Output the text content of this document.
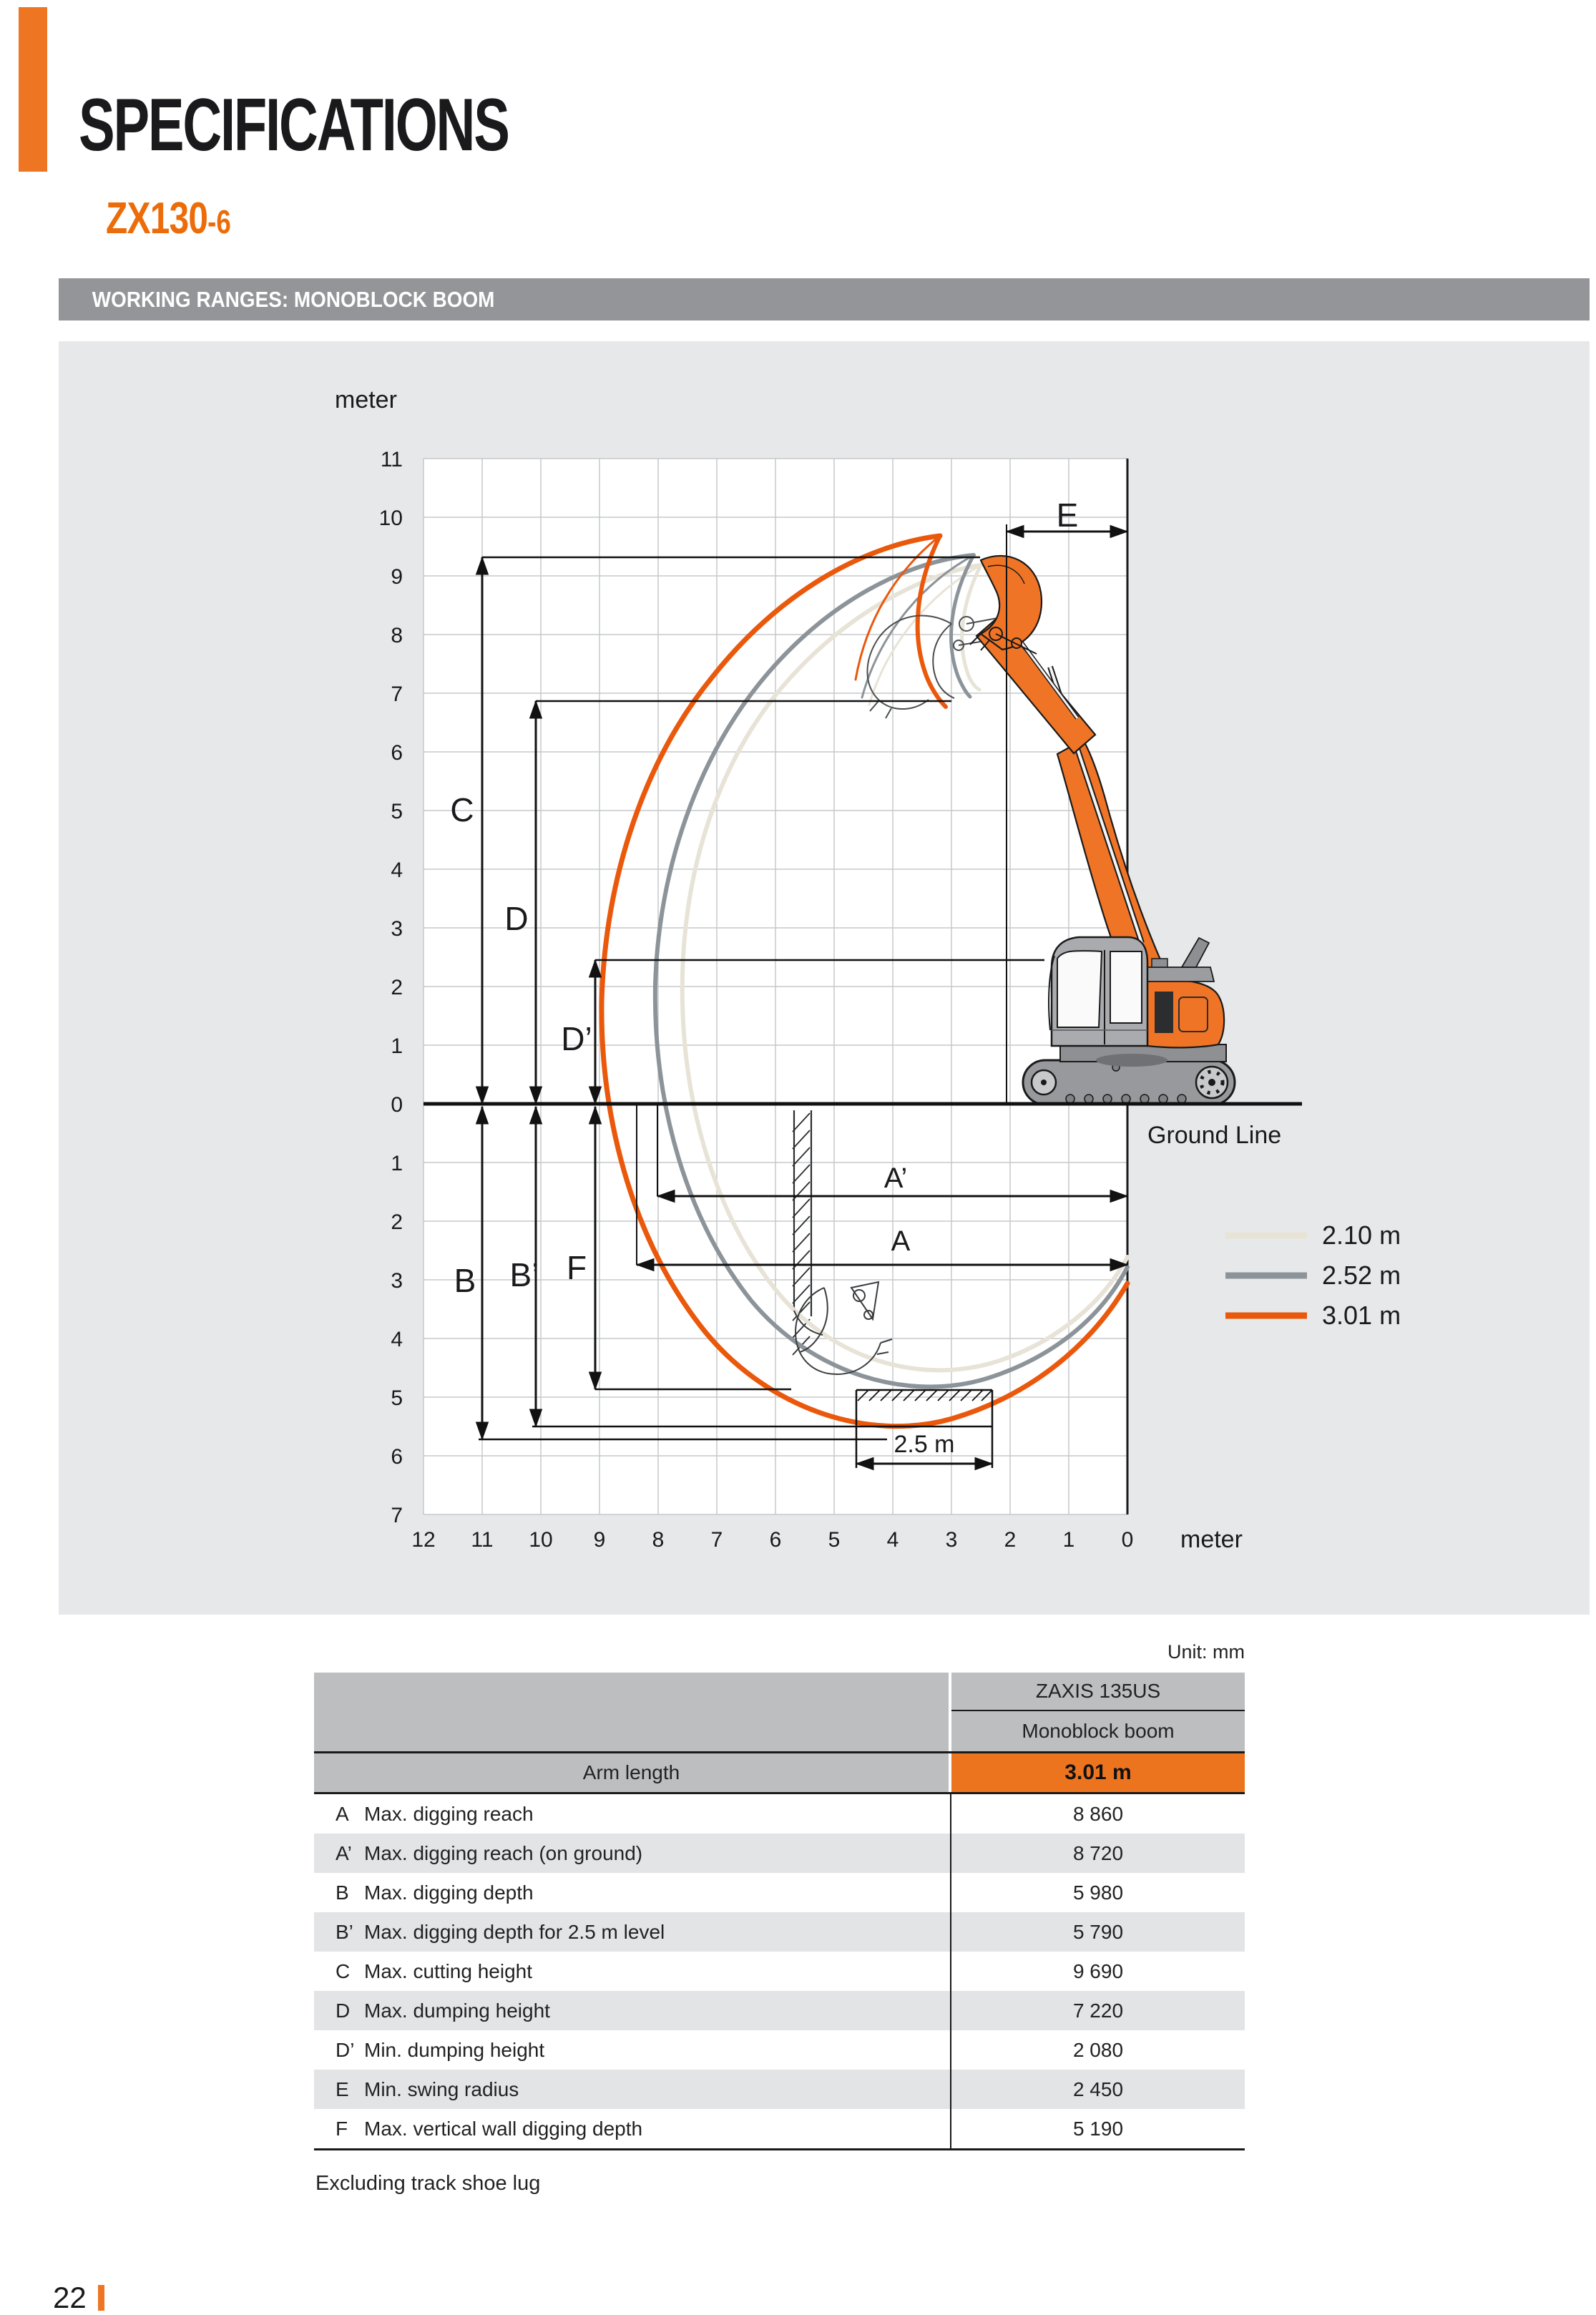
C
D
D’
B B’ F
A’
A
E
2.5 m
Ground Line
meter
meter
11
10
9
8
7
6
5
4
3
2
1
0
1
2
3
4
5
6
7
12 11 10 9 8 7 6 5 4 3 2 1 0
2.10 m
2.52 m
3.01 m
SPECIFICATIONS
ZX130 -6
WORKING RANGES: MONOBLOCK BOOM
Unit: mm
ZAXIS 135US
Monoblock boom
Arm length	3.01 m
A Max. digging reach	8 860
A’ Max. digging reach (on ground)	8 720
B Max. digging depth	5 980
B’ Max. digging depth for 2.5 m level	5 790
C Max. cutting height	9 690
D Max. dumping height	7 220
D’ Min. dumping height	2 080
E Min. swing radius	2 450
F Max. vertical wall digging depth	5 190
Excluding track shoe lug
22
